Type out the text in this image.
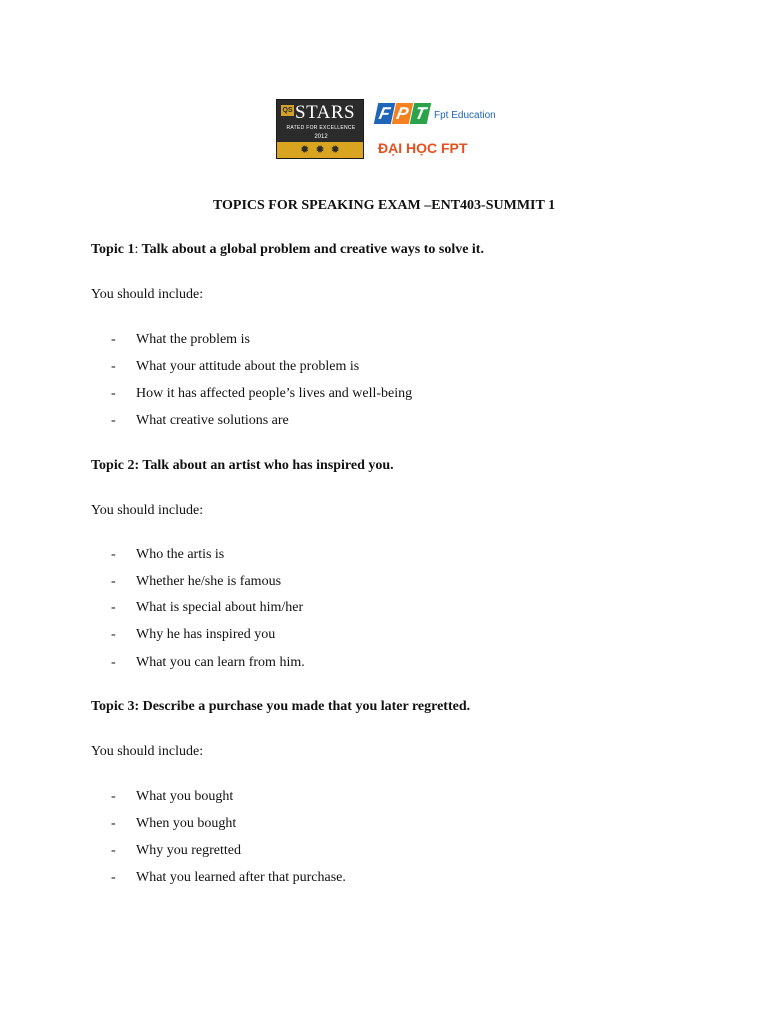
QS STARS
RATED FOR EXCELLENCE
2012
✹ ✹ ✹
F P T Fpt Education
ĐẠI HỌC FPT
TOPICS FOR SPEAKING EXAM –ENT403-SUMMIT 1
Topic 1: Talk about a global problem and creative ways to solve it.
You should include:
- What the problem is
- What your attitude about the problem is
- How it has affected people’s lives and well-being
- What creative solutions are
Topic 2: Talk about an artist who has inspired you.
You should include:
- Who the artis is
- Whether he/she is famous
- What is special about him/her
- Why he has inspired you
- What you can learn from him.
Topic 3: Describe a purchase you made that you later regretted.
You should include:
- What you bought
- When you bought
- Why you regretted
- What you learned after that purchase.
